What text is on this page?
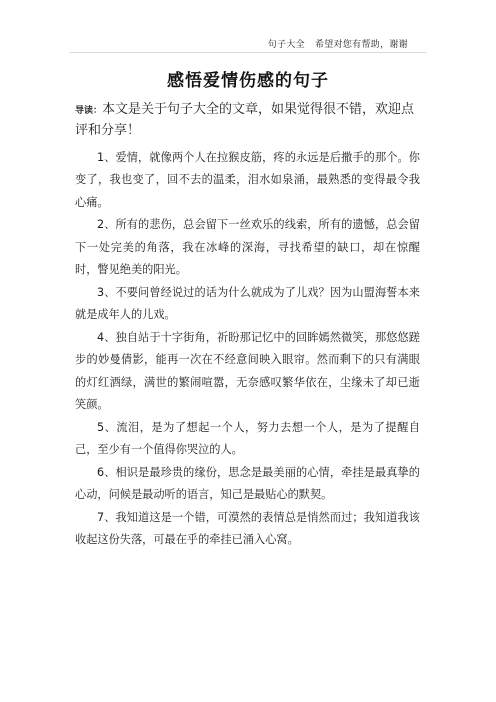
句子大全 希望对您有帮助，谢谢
感悟爱情伤感的句子

导读：本文是关于句子大全的文章，如果觉得很不错，欢迎点评和分享！

1、爱情，就像两个人在拉猴皮筋，疼的永远是后撒手的那个。你变了，我也变了，回不去的温柔，泪水如泉涌，最熟悉的变得最令我心痛。

2、所有的悲伤，总会留下一丝欢乐的线索，所有的遗憾，总会留下一处完美的角落，我在冰峰的深海，寻找希望的缺口，却在惊醒时，瞥见绝美的阳光。

3、不要问曾经说过的话为什么就成为了儿戏？因为山盟海誓本来就是成年人的儿戏。

4、独自站于十字街角，祈盼那记忆中的回眸嫣然微笑，那悠悠蹉步的妙曼倩影，能再一次在不经意间映入眼帘。然而剩下的只有满眼的灯红酒绿，满世的繁闹喧嚣，无奈感叹繁华依在，尘缘未了却已逝笑颜。

5、流泪，是为了想起一个人，努力去想一个人，是为了提醒自己，至少有一个值得你哭泣的人。

6、相识是最珍贵的缘份，思念是最美丽的心情，牵挂是最真挚的心动，问候是最动听的语言，知己是最贴心的默契。

7、我知道这是一个错，可漠然的表情总是悄然而过；我知道我该收起这份失落，可最在乎的牵挂已涌入心窝。
